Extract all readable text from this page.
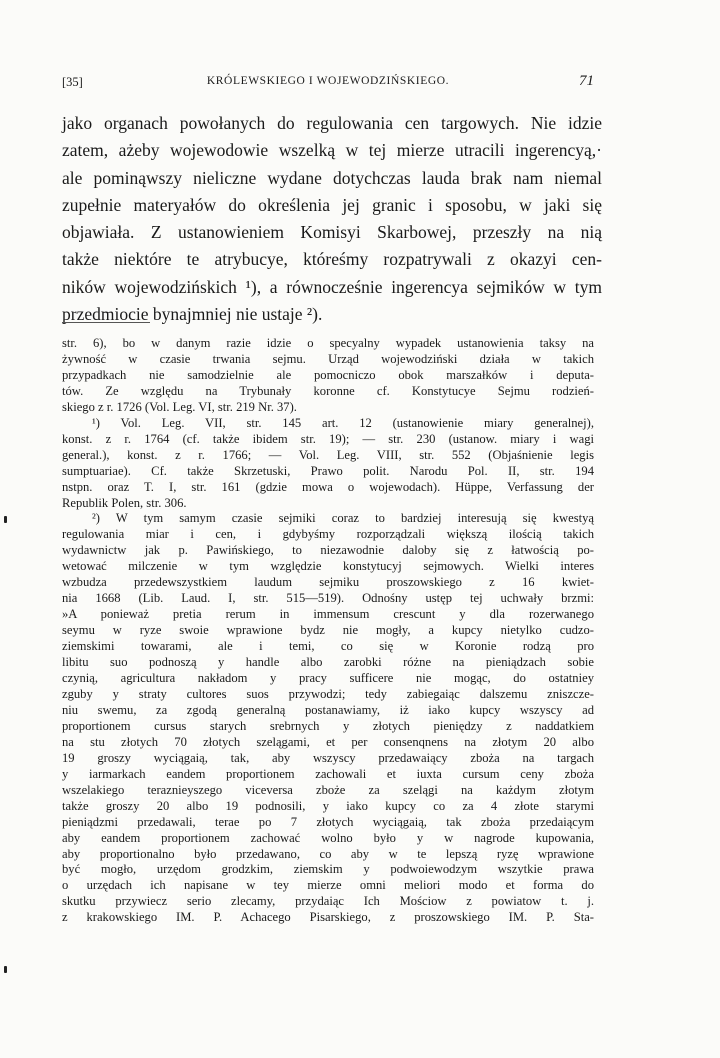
[35]	KRÓLEWSKIEGO I WOJEWODZIŃSKIEGO.	71
jako organach powołanych do regulowania cen targowych. Nie idzie
zatem, ażeby wojewodowie wszelką w tej mierze utracili ingerencyą,·
ale pominąwszy nieliczne wydane dotychczas lauda brak nam niemal
zupełnie materyałów do określenia jej granic i sposobu, w jaki się
objawiała. Z ustanowieniem Komisyi Skarbowej, przeszły na nią
także niektóre te atrybucye, któreśmy rozpatrywali z okazyi cen-
ników wojewodzińskich ¹), a równocześnie ingerencya sejmików w tym
przedmiocie bynajmniej nie ustaje ²).
str. 6), bo w danym razie idzie o specyalny wypadek ustanowienia taksy na
żywność w czasie trwania sejmu. Urząd wojewodziński działa w takich
przypadkach nie samodzielnie ale pomocniczo obok marszałków i deputa-
tów. Ze względu na Trybunały koronne cf. Konstytucye Sejmu rodzień-
skiego z r. 1726 (Vol. Leg. VI, str. 219 Nr. 37).
¹) Vol. Leg. VII, str. 145 art. 12 (ustanowienie miary generalnej),
konst. z r. 1764 (cf. także ibidem str. 19); — str. 230 (ustanow. miary i wagi
general.), konst. z r. 1766; — Vol. Leg. VIII, str. 552 (Objaśnienie legis
sumptuariae). Cf. także Skrzetuski, Prawo polit. Narodu Pol. II, str. 194
nstpn. oraz T. I, str. 161 (gdzie mowa o wojewodach). Hüppe, Verfassung der
Republik Polen, str. 306.
²) W tym samym czasie sejmiki coraz to bardziej interesują się kwestyą
regulowania miar i cen, i gdybyśmy rozporządzali większą ilością takich
wydawnictw jak p. Pawińskiego, to niezawodnie daloby się z łatwością po-
wetować milczenie w tym względzie konstytucyj sejmowych. Wielki interes
wzbudza przedewszystkiem laudum sejmiku proszowskiego z 16 kwiet-
nia 1668 (Lib. Laud. I, str. 515—519). Odnośny ustęp tej uchwały brzmi:
»A ponieważ pretia rerum in immensum crescunt y dla rozerwanego
seymu w ryze swoie wprawione bydz nie mogły, a kupcy nietylko cudzo-
ziemskimi towarami, ale i temi, co się w Koronie rodzą pro
libitu suo podnoszą y handle albo zarobki różne na pieniądzach sobie
czynią, agricultura nakładom y pracy sufficere nie mogąc, do ostatniey
zguby y straty cultores suos przywodzi; tedy zabiegaiąc dalszemu zniszcze-
niu swemu, za zgodą generalną postanawiamy, iż iako kupcy wszyscy ad
proportionem cursus starych srebrnych y złotych pieniędzy z naddatkiem
na stu złotych 70 złotych szelągami, et per consenqnens na złotym 20 albo
19 groszy wyciągaią, tak, aby wszyscy przedawaiący zboża na targach
y iarmarkach eandem proportionem zachowali et iuxta cursum ceny zboża
wszelakiego teraznieyszego viceversa zboże za szelągi na każdym złotym
także groszy 20 albo 19 podnosili, y iako kupcy co za 4 złote starymi
pieniądzmi przedawali, terae po 7 złotych wyciągaią, tak zboża przedaiącym
aby eandem proportionem zachować wolno było y w nagrode kupowania,
aby proportionalno było przedawano, co aby w te lepszą ryzę wprawione
być mogło, urzędom grodzkim, ziemskim y podwoiewodzym wszytkie prawa
o urzędach ich napisane w tey mierze omni meliori modo et forma do
skutku przywiecz serio zlecamy, przydaiąc Ich Mościow z powiatow t. j.
z krakowskiego IM. P. Achacego Pisarskiego, z proszowskiego IM. P. Sta-
